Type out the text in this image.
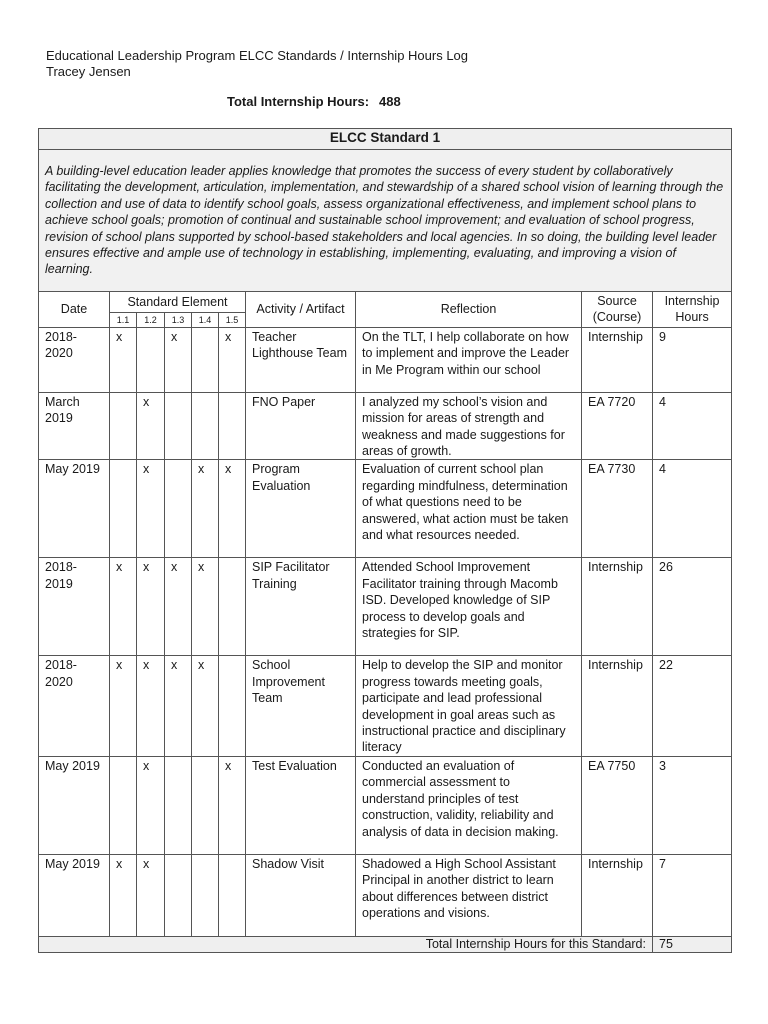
Educational Leadership Program ELCC Standards / Internship Hours Log
Tracey Jensen
Total Internship Hours: 488
ELCC Standard 1									
A building-level education leader applies knowledge that promotes the success of every student by collaboratively facilitating the development, articulation, implementation, and stewardship of a shared school vision of learning through the collection and use of data to identify school goals, assess organizational effectiveness, and implement school plans to achieve school goals; promotion of continual and sustainable school improvement; and evaluation of school progress, revision of school plans supported by school-based stakeholders and local agencies. In so doing, the building level leader ensures effective and ample use of technology in establishing, implementing, evaluating, and improving a vision of learning.									
Date	Standard Element					Activity / Artifact	Reflection	Source (Course)	Internship Hours
	1.1	1.2	1.3	1.4	1.5				
2018-2020	x		x		x	Teacher Lighthouse Team	On the TLT, I help collaborate on how to implement and improve the Leader in Me Program within our school	Internship	9
March 2019		x				FNO Paper	I analyzed my school’s vision and mission for areas of strength and weakness and made suggestions for areas of growth.	EA 7720	4
May 2019		x		x	x	Program Evaluation	Evaluation of current school plan regarding mindfulness, determination of what questions need to be answered, what action must be taken and what resources needed.	EA 7730	4
2018-2019	x	x	x	x		SIP Facilitator Training	Attended School Improvement Facilitator training through Macomb ISD. Developed knowledge of SIP process to develop goals and strategies for SIP.	Internship	26
2018-2020	x	x	x	x		School Improvement Team	Help to develop the SIP and monitor progress towards meeting goals, participate and lead professional development in goal areas such as instructional practice and disciplinary literacy	Internship	22
May 2019		x			x	Test Evaluation	Conducted an evaluation of commercial assessment to understand principles of test construction, validity, reliability and analysis of data in decision making.	EA 7750	3
May 2019	x	x				Shadow Visit	Shadowed a High School Assistant Principal in another district to learn about differences between district operations and visions.	Internship	7
Total Internship Hours for this Standard:									75
